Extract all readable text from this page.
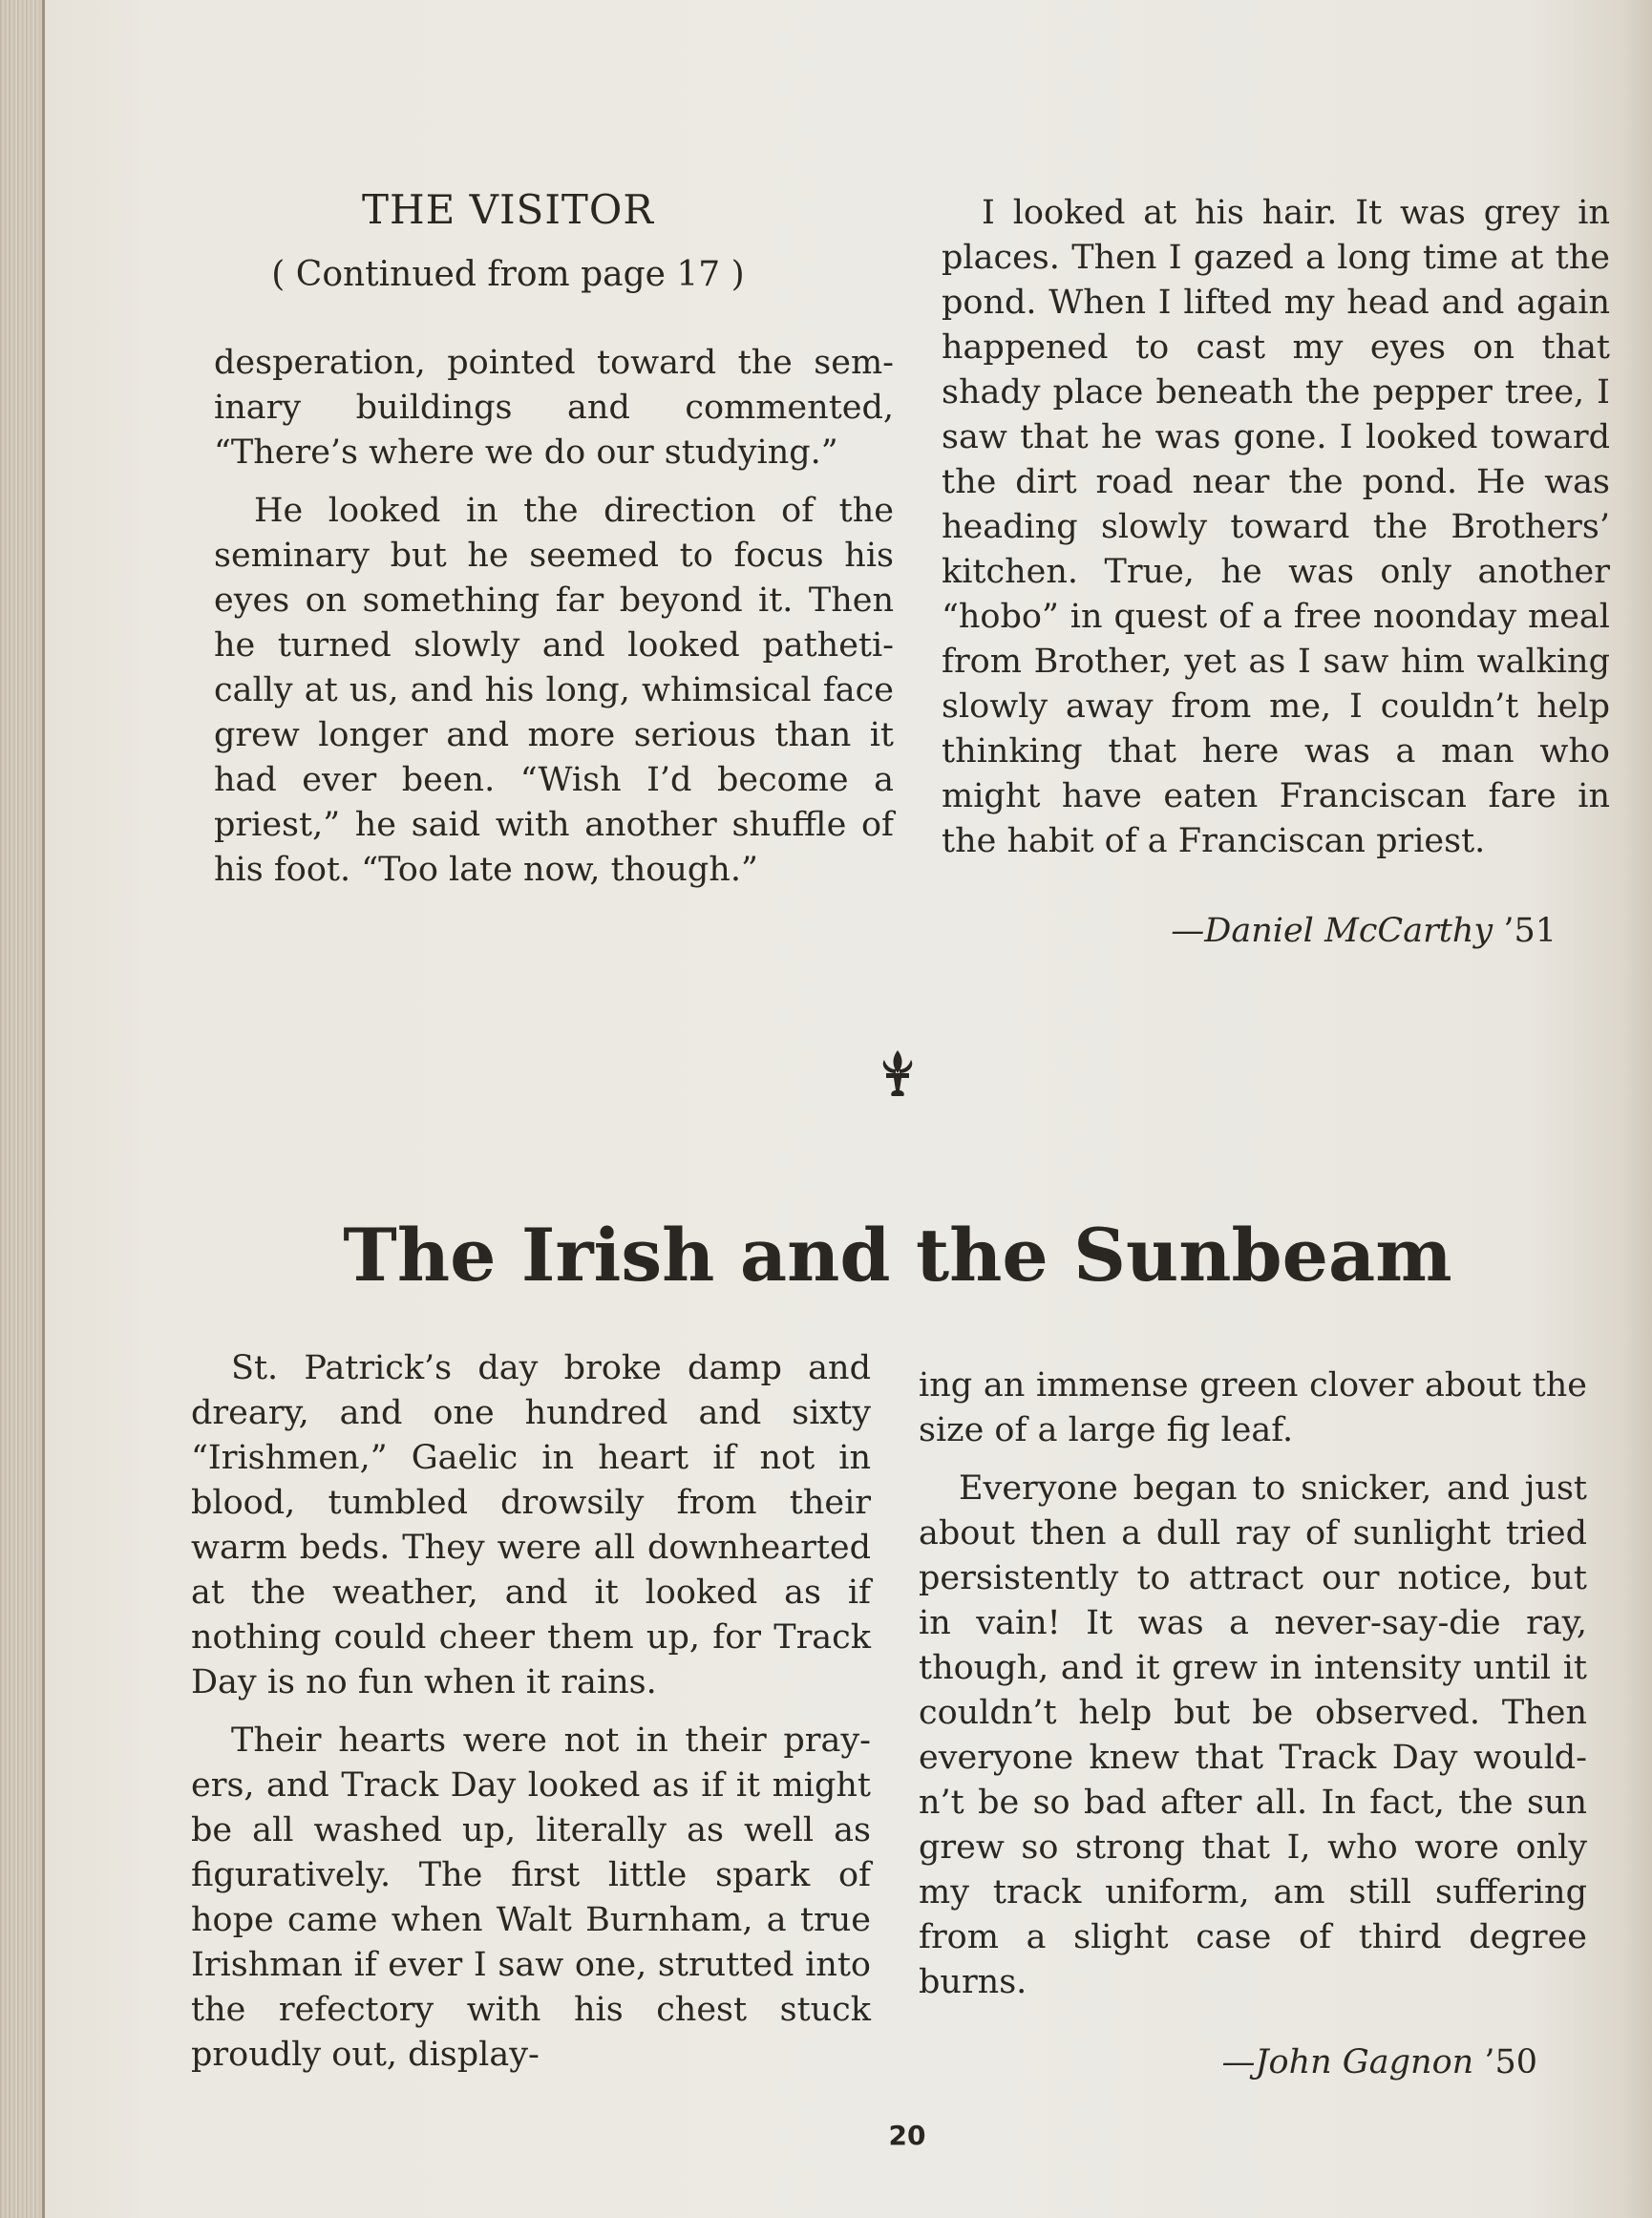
THE VISITOR
( Continued from page 17 )

desperation, pointed toward the seminary buildings and commented, “There’s where we do our studying.”

He looked in the direction of the seminary but he seemed to focus his eyes on something far beyond it. Then he turned slowly and looked pathetically at us, and his long, whimsical face grew longer and more serious than it had ever been. “Wish I’d become a priest,” he said with another shuffle of his foot. “Too late now, though.”

I looked at his hair. It was grey in places. Then I gazed a long time at the pond. When I lifted my head and again happened to cast my eyes on that shady place beneath the pepper tree, I saw that he was gone. I looked toward the dirt road near the pond. He was heading slowly toward the Brothers’ kitchen. True, he was only another “hobo” in quest of a free noonday meal from Brother, yet as I saw him walking slowly away from me, I couldn’t help thinking that here was a man who might have eaten Franciscan fare in the habit of a Franciscan priest.

—Daniel McCarthy ’51
The Irish and the Sunbeam

St. Patrick’s day broke damp and dreary, and one hundred and sixty “Irishmen,” Gaelic in heart if not in blood, tumbled drowsily from their warm beds. They were all downhearted at the weather, and it looked as if nothing could cheer them up, for Track Day is no fun when it rains.

Their hearts were not in their prayers, and Track Day looked as if it might be all washed up, literally as well as figuratively. The first little spark of hope came when Walt Burnham, a true Irishman if ever I saw one, strutted into the refectory with his chest stuck proudly out, display-

ing an immense green clover about the size of a large fig leaf.

Everyone began to snicker, and just about then a dull ray of sunlight tried persistently to attract our notice, but in vain! It was a never-say-die ray, though, and it grew in intensity until it couldn’t help but be observed. Then everyone knew that Track Day wouldn’t be so bad after all. In fact, the sun grew so strong that I, who wore only my track uniform, am still suffering from a slight case of third degree burns.

—John Gagnon ’50
20
